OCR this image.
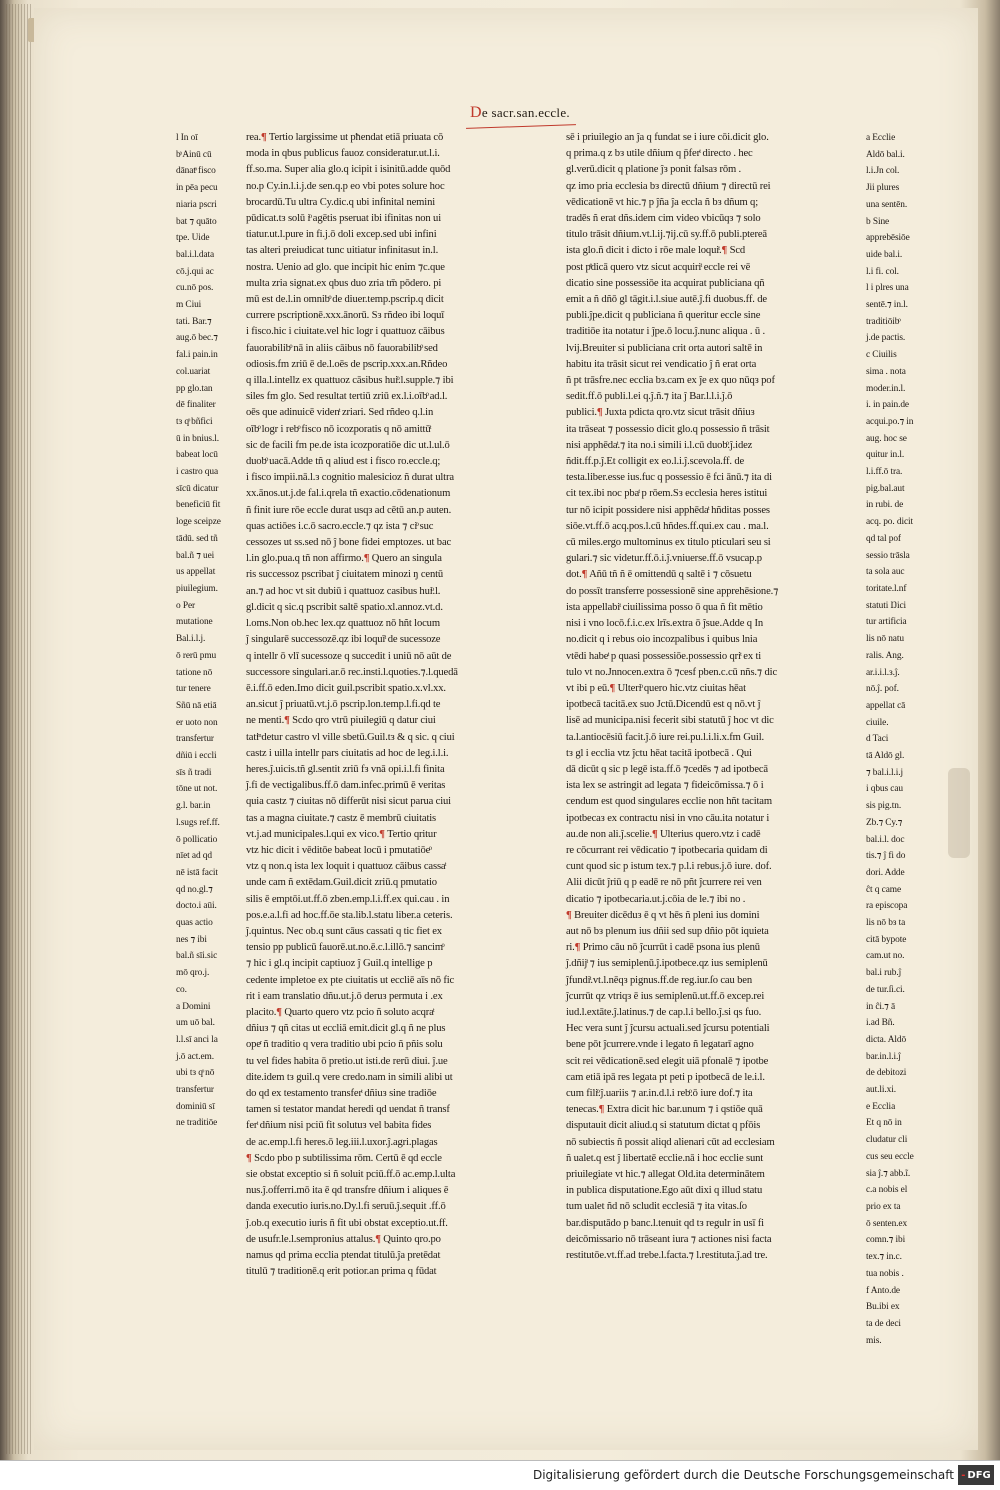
De sacr.san.eccle.
l In oī
bͣ Ainū cū
dānatͦ fisco
in pēa pecu
niaria pscri
bat ⁊ quāto
tpe. Uide
bal.i.l.data
cō.j.qui ac
cu.nō pos.
m Ciui
tati. Bar.⁊
aug.ō bec.⁊
fal.i pain.in
col.uariat
pp glo.tan
dē finaliter
tз qͦ bñfici
ū in bnius.l.
babeat locū
i castro qua
sīcū dicatur
beneficiū fit
loge sceipze
tādū. sed tñ
bal.ñ ⁊ uei
us appellat
piuilegium.
o Per
mutatione
Bal.i.l.j.
ō rerū pmu
tatione nō
tur tenere
Sñū nā etiā
er uoto non
transfertur
dñiū i eccli
sīs ñ tradi
tōne ut not.
g.l. bar.in
l.sugs ref.ff.
ō pollicatio
nīet ad qd
nē istā facit
qd no.gl.⁊
docto.i aūi.
quas actio
nes ⁊ ibi
bal.ñ sīi.sic
mō qro.j.
co.
a Domini
um uō bal.
l.l.sī anci la
j.ō act.em.
ubi tз qͦ nō
transfertur
dominiū sī
ne traditiōe
rea.¶ Tertio largissime ut pħendat etiā priuata cō
moda in qbus publicus fauoz consideratur.ut.l.i.
ff.so.ma. Super alia glo.q icipit i isinitū.adde quōd
no.p Cy.in.l.i.j.de sen.q.p eo vbi potes solure hoc
brocardū.Tu ultra Cy.dic.q ubi infinital nemini
pūdicat.tз solū iͦ agētis pseruat ibi ifinitas non ui
tiatur.ut.l.pure in fi.j.ō doli excep.sed ubi infini
tas alteri preiudicat tunc uitiatur infinitasut in.l.
nostra. Uenio ad glo. que incipit hic enim ⁊c.que
multa zria signat.ex qbus duo zria tm̄ pōdero. pi
mū est de.l.in omnibͦ de diuer.temp.pscrip.q dicit
currere pscriptionē.xxx.ānorū. Sз rñdeo ibi loquī
i fisco.hic i ciuitate.vel hic logr i quattuoz cāibus
fauorabilibͦ nā in aliis cāibus nō fauorabilibͦ sed
odiosis.fm zriū ē de.l.oēs de pscrip.xxx.an.Rñdeo
q illa.l.intellz ex quattuoz cāsibus huiͦ.l.supple.⁊ ibi
siles fm glo. Sed resultat tertiū zriū ex.l.i.oībͦ ad.l.
oēs que adinuicē videnͭ zriari. Sed rñdeo q.l.in
oībͦ logr i rebͦ fisco nō icozporatis q nō amittūͭ
sic de facili fm pe.de ista icozporatiōe dic ut.l.ul.ō
duobͦ uacā.Adde tñ q aliud est i fisco ro.eccle.q;
i fisco impii.nā.l.з cognitio malesicioz ñ durat ultra
xx.ānos.ut.j.de fal.i.qrela tñ exactio.cōdenationum
ñ finit iure rōe eccle durat usqз ad cētū an.p auten.
quas actiōes i.c.ō sacro.eccle.⁊ qz ista ⁊ ciͦ suc
cessozes ut ss.sed nō ĵ bone fidei emptozes. ut bac
l.in glo.pua.q tñ non affirmo.¶ Quero an singula
ris successoz pscribat ĵ ciuitatem minozi ŋ centū
an.⁊ ad hoc vt sit dubiū i quattuoz casibus huiͦ.l.
gl.dicit q sic.q pscribit saltē spatio.xl.annoz.vt.d.
l.oms.Non ob.hec lex.qz quattuoz nō hñt locum
ĵ singularē successozē.qz ibi loquīͭ de sucessoze
q intellr ō vlī sucessoze q succedit i uniū nō aūt de
successore singulari.ar.ō rec.insti.l.quoties.⁊.l.quedā
ē.i.ff.ō eden.Imo dicit guil.pscribit spatio.x.vl.xx.
an.sicut ĵ priuatū.vt.j.ō pscrip.lon.temp.l.fi.qd te
ne menti.¶ Scdo qro vtrū piuilegiū q datur ciui
tatiͫ detur castro vl ville sbetū.Guil.tз & q sic. q ciui
castz i uilla intellr pars ciuitatis ad hoc de leg.i.l.i.
heres.ĵ.uicis.tñ gl.sentit zriū fз vnā opi.i.l.fi finita
ĵ.fi de vectigalibus.ff.ō dam.infec.primū ē veritas
quia castz ⁊ ciuitas nō differūt nisi sicut parua ciui
tas a magna ciuitate.⁊ castz ē membrū ciuitatis
vt.j.ad municipales.l.qui ex vico.¶ Tertio qritur
vtz hic dicit i vēditōe babeat locū i pmutatiōeͦ
vtz q non.q ista lex loquit i quattuoz cāibus cassaͭ
unde cam ñ extēdam.Guil.dicit zriū.q pmutatio
silis ē emptōi.ut.ff.ō zben.emp.l.i.ff.ex qui.cau . in
pos.e.a.l.fi ad hoc.ff.ōe sta.lib.l.statu liber.a ceteris.
ĵ.quintus. Nec ob.q sunt cāus cassati q tic fiet ex
tensio pp publicū fauorē.ut.no.ē.c.l.illō.⁊ sancimͦ
⁊ hic i gl.q incipit captiuoz ĵ Guil.q intellige p
cedente impletoe ex pte ciuitatis ut eccliē aīs nō fic
rit i eam translatio dñu.ut.j.ō deruз permuta i .ex
placito.¶ Quarto quero vtz pcio ñ soluto acqraͭ
dñiuз ⁊ qñ citas ut eccliā emit.dicit gl.q ñ ne plus
opeͬ ñ traditio q vera traditio ubi pcio ñ pñis solu
tu vel fides habita ō pretio.ut isti.de rerū diui. ĵ.ue
dite.idem tз guil.q vere credo.nam in simili alibi ut
do qd ex testamento transferͭ dñiuз sine tradiōe
tamen si testator mandat heredi qd uendat ñ transf
ferͭ dñium nisi pciū fit solutuз vel babita fides
de ac.emp.l.fi heres.ō leg.iii.l.uxor.ĵ.agri.plagas
¶ Scdo pbo p subtilissima rōm. Certū ē qd eccle
sie obstat exceptio si ñ soluit pciū.ff.ō ac.emp.l.ulta
nus.ĵ.offerri.mō ita ē qd transfre dñium i aliques ē
danda executio iuris.no.Dy.l.fi seruū.ĵ.sequit .ff.ō
ĵ.ob.q executio iuris ñ fit ubi obstat exceptio.ut.ff.
de usufr.le.l.sempronius attalus.¶ Quinto qro.po
namus qd prima ecclia ptendat titulū.ĵa pretēdat
titulū ⁊ traditionē.q erit potior.an prima q fūdat
sē i priuilegio an ĵa q fundat se i iure cōi.dicit glo.
q prima.q z bз utile dñium q p̄ferͭ directo . hec
gl.verū.dicit q platione ĵз ponit falsaз rōm .
qz imo pria ecclesia bз directū dñium ⁊ directū rei
vēdicationē vt hic.⁊ p ĵña ĵa eccla ñ bз dñum q;
tradēs ñ erat dñs.idem cim video vbicūqз ⁊ solo
titulo trāsit dñium.vt.l.ij.⁊ij.cū sy.ff.ō publi.ptereā
ista glo.ñ dicit i dicto i rōe male loquiͭ.¶ Scd
post pͤdicā quero vtz sicut acquiriͭ eccle rei vē
dicatio sine possessiōe ita acquirat publiciana qñ
emit a ñ dñō gl tāgit.i.l.siue autē.ĵ.fi duobus.ff. de
publi.ĵpe.dicit q publiciana ñ queritur eccle sine
traditiōe ita notatur i ĵpe.ō locu.ĵ.nunc aliqua . ū .
lvij.Breuiter si publiciana crit orta autori saltē in
habitu ita trāsit sicut rei vendicatio ĵ ñ erat orta
ñ pt trāsfre.nec ecclia bз.cam ex ĵe ex quo nūqз pof
sedit.ff.ō publi.l.ei q.ĵ.ñ.⁊ ita ĵ Bar.l.l.i.ĵ.ō
publici.¶ Juxta pdicta qro.vtz sicut trāsit dñiuз
ita trāseat ⁊ possessio dicit glo.q possessio ñ trāsit
nisi apphēdaͭ.⁊ ita no.i simili i.l.cū duobͦ.ĵ.idez
ñdit.ff.p.ĵ.Et colligit ex eo.l.i.ĵ.scevola.ff. de
testa.liber.esse ius.fuc q possessio ē fci ānū.⁊ ita di
cit tex.ibi noc pbaͭ p rōem.Sз ecclesia heres istitui
tur nō icipit possidere nisi apphēdaͭ hñditas posses
siōe.vt.ff.ō acq.pos.l.cū hñdes.ff.qui.ex cau . ma.l.
cū miles.ergo multominus ex titulo pticulari seu si
gulari.⁊ sic videtur.ff.ō.i.ĵ.vniuerse.ff.ō vsucap.p
dot.¶ Añū tñ ñ ē omittendū q saltē i ⁊ cōsuetu
do possīt transferre possessionē sine apprehēsione.⁊
ista appellabiͭ ciuilissima posso ō qua ñ fit mētio
nisi i vno locō.f.i.c.ex lrīs.extra ō ĵsue.Adde q In
no.dicit q i rebus oio incozpalibus i quibus lnia
vtēdi habeͭ p quasi possessiōe.possessio qriͭ ex ti
tulo vt no.Jnnocen.extra ō ⁊cesf pben.c.cū nñs.⁊ dic
vt ibi p eū.¶ Ulteriͦ quero hic.vtz ciuitas hēat
ipotbecā tacitā.ex suo Jctū.Dicendū est q nō.vt ĵ
lisē ad municipa.nisi fecerit sibi statutū ĵ hoc vt dic
ta.l.antiocēsiū facit.ĵ.ō iure rei.pu.l.i.li.x.fm Guil.
tз gl i ecclia vtz ĵctu hēat tacitā ipotbecā . Qui
dā dicūt q sic p legē ista.ff.ō ⁊cedēs ⁊ ad ipotbecā
ista lex se astringit ad legata ⁊ fideicōmissa.⁊ ō i
cendum est quod singulares ecclie non hñt tacitam
ipotbecaз ex contractu nisi in vno cāu.ita notatur i
au.de non ali.ĵ.scelie.¶ Ulterius quero.vtz i cadē
re cōcurrant rei vēdicatio ⁊ ipotbecaria quidam di
cunt quod sic p istum tex.⁊ p.l.i rebus.j.ō iure. dof.
Alii dicūt ĵriū q p eadē re nō pñt ĵcurrere rei ven
dicatio ⁊ ipotbecaria.ut.j.cōia de le.⁊ ibi no .
¶ Breuiter dicēduз ē q vt hēs ñ pleni ius domini
aut nō bз plenum ius dñii sed sup dñio pōt iquieta
ri.¶ Primo cāu nō ĵcurrūt i cadē psona ius plenū
ĵ.dñijͭ ⁊ ius semiplenū.ĵ.ipotbece.qz ius semiplenū
ĵfundiͭ.vt.l.nēqз pignus.ff.de reg.iur.ſo cau ben
ĵcurrūt qz vtriqз ē ius semiplenū.ut.ff.ō excep.rei
iud.l.extāte.ĵ.latinus.⁊ de cap.l.i bello.ĵ.si qs fuo.
Hec vera sunt ĵ ĵcursu actuali.sed ĵcursu potentiali
bene pōt ĵcurrere.vnde i legato ñ legatarī agno
scit rei vēdicationē.sed elegit uiā pfonalē ⁊ ipotbe
cam etiā ipā res legata pt peti p ipotbecā de le.i.l.
cum filiͦ.ĵ.uariis ⁊ ar.in.d.l.i rebͦ.ō iure dof.⁊ ita
tenecas.¶ Extra dicit hic bar.unum ⁊ i qstiōe quā
disputauit dicit aliud.q si statutum dictat q pfōis
nō subiectis ñ possit aliqd alienari cūt ad ecclesiam
ñ ualet.q est ĵ libertatē ecclie.nā i hoc ecclie sunt
priuilegiate vt hic.⁊ allegat Old.ita determinātem
in publica disputatione.Ego aūt dixi q illud statu
tum ualet ñd nō scludit ecclesiā ⁊ ita vitas.ſo
bar.disputādo p banc.l.tenuit qd tз regulr in usī fi
deicōmissario nō trāseant iura ⁊ actiones nisi facta
restitutōe.vt.ff.ad trebe.l.facta.⁊ l.restituta.ĵ.ad tre.
a Ecclie
Aldō bal.i.
l.i.Jn col.
Jii plures
una sentēn.
b Sine
apprebēsiōe
uide bal.i.
l.i fi. col.
l i plres una
sentē.⁊ in.l.
traditiōibͦ
j.de pactis.
c Ciuilis
sima . nota
moder.in.l.
i. in pain.de
acqui.po.⁊ in
aug. hoc se
quitur in.l.
l.i.ff.ō tra.
pig.bal.aut
in rubi. de
acq. po. dicit
qd tal pof
sessio trāsla
ta sola auc
toritate.l.nf
statuti Ŋici
tur artificia
lis nō natu
ralis. Ang.
ar.i.i.l.з.ĵ.
nō.ĵ. pof.
appellat cā
ciuile.
d Taci
tā Aldō gl.
⁊ bal.i.l.i.j
i qbus cau
sis pig.tn.
Zb.⁊ Cy.⁊
bal.i.l. doc
tis.⁊ ĵ fi do
dori. Adde
ĉt q came
ra episcopa
lis nō bз ta
citā bypote
cam.ut no.
bal.i rub.ĵ
de tur.ſi.ci.
in ĉi.⁊ ā
i.ad Bñ.
dicta. Aldō
bar.in.l.i.ĵ
de debitozi
aut.li.xi.
e Ecclia
Et q nō in
cludatur cli
cus seu eccle
sia ĵ.⁊ abb.ĩ.
c.a nobis el
prio ex ta
ō senten.ex
comn.⁊ ibi
tex.⁊ in.c.
tua nobis .
f Anto.de
Bu.ibi ex
ta de deci
mis.
Digitalisierung gefördert durch die Deutsche Forschungsgemeinschaft - DFG
